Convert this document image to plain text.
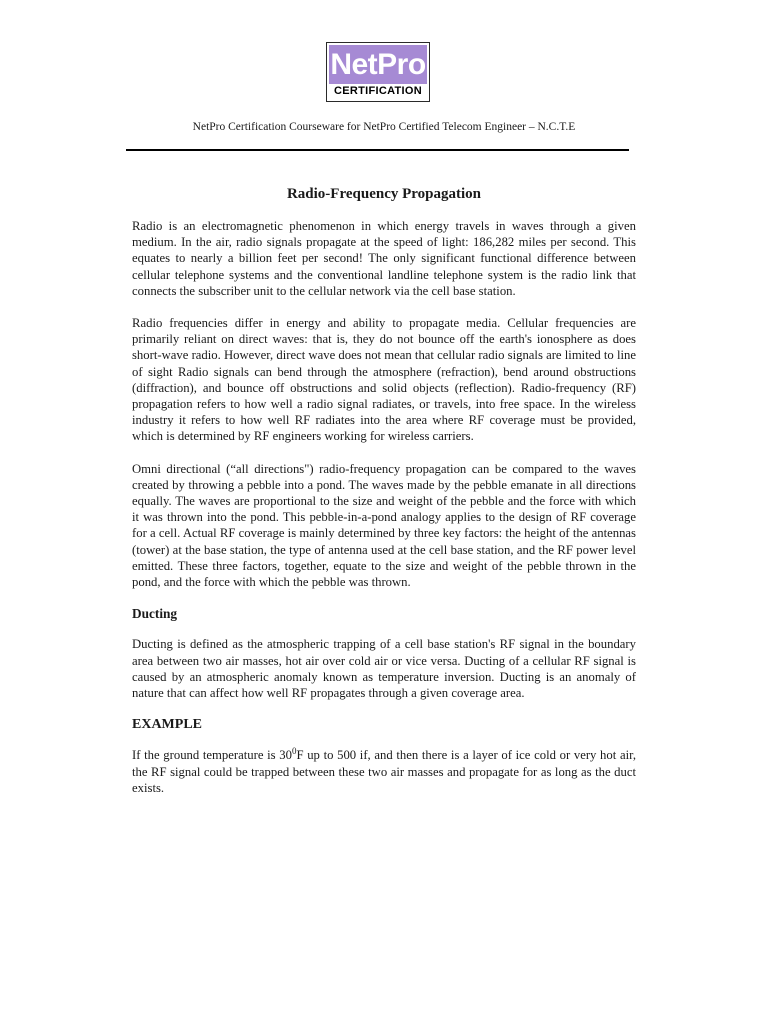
NetPro
CERTIFICATION
NetPro Certification Courseware for NetPro Certified Telecom Engineer – N.C.T.E
Radio-Frequency Propagation

Radio is an electromagnetic phenomenon in which energy travels in waves through a given medium. In the air, radio signals propagate at the speed of light: 186,282 miles per second. This equates to nearly a billion feet per second! The only significant functional difference between cellular telephone systems and the conventional landline telephone system is the radio link that connects the subscriber unit to the cellular network via the cell base station.

Radio frequencies differ in energy and ability to propagate media. Cellular frequencies are primarily reliant on direct waves: that is, they do not bounce off the earth's ionosphere as does short-wave radio. However, direct wave does not mean that cellular radio signals are limited to line of sight Radio signals can bend through the atmosphere (refraction), bend around obstructions (diffraction), and bounce off obstructions and solid objects (reflection). Radio-frequency (RF) propagation refers to how well a radio signal radiates, or travels, into free space. In the wireless industry it refers to how well RF radiates into the area where RF coverage must be provided, which is determined by RF engineers working for wireless carriers.

Omni directional (“all directions") radio-frequency propagation can be compared to the waves created by throwing a pebble into a pond. The waves made by the pebble emanate in all directions equally. The waves are proportional to the size and weight of the pebble and the force with which it was thrown into the pond. This pebble-in-a-pond analogy applies to the design of RF coverage for a cell. Actual RF coverage is mainly determined by three key factors: the height of the antennas (tower) at the base station, the type of antenna used at the cell base station, and the RF power level emitted. These three factors, together, equate to the size and weight of the pebble thrown in the pond, and the force with which the pebble was thrown.

Ducting

Ducting is defined as the atmospheric trapping of a cell base station's RF signal in the boundary area between two air masses, hot air over cold air or vice versa. Ducting of a cellular RF signal is caused by an atmospheric anomaly known as temperature inversion. Ducting is an anomaly of nature that can affect how well RF propagates through a given coverage area.

EXAMPLE

If the ground temperature is $30^0F$ up to 500 if, and then there is a layer of ice cold or very hot air, the RF signal could be trapped between these two air masses and propagate for as long as the duct exists.
